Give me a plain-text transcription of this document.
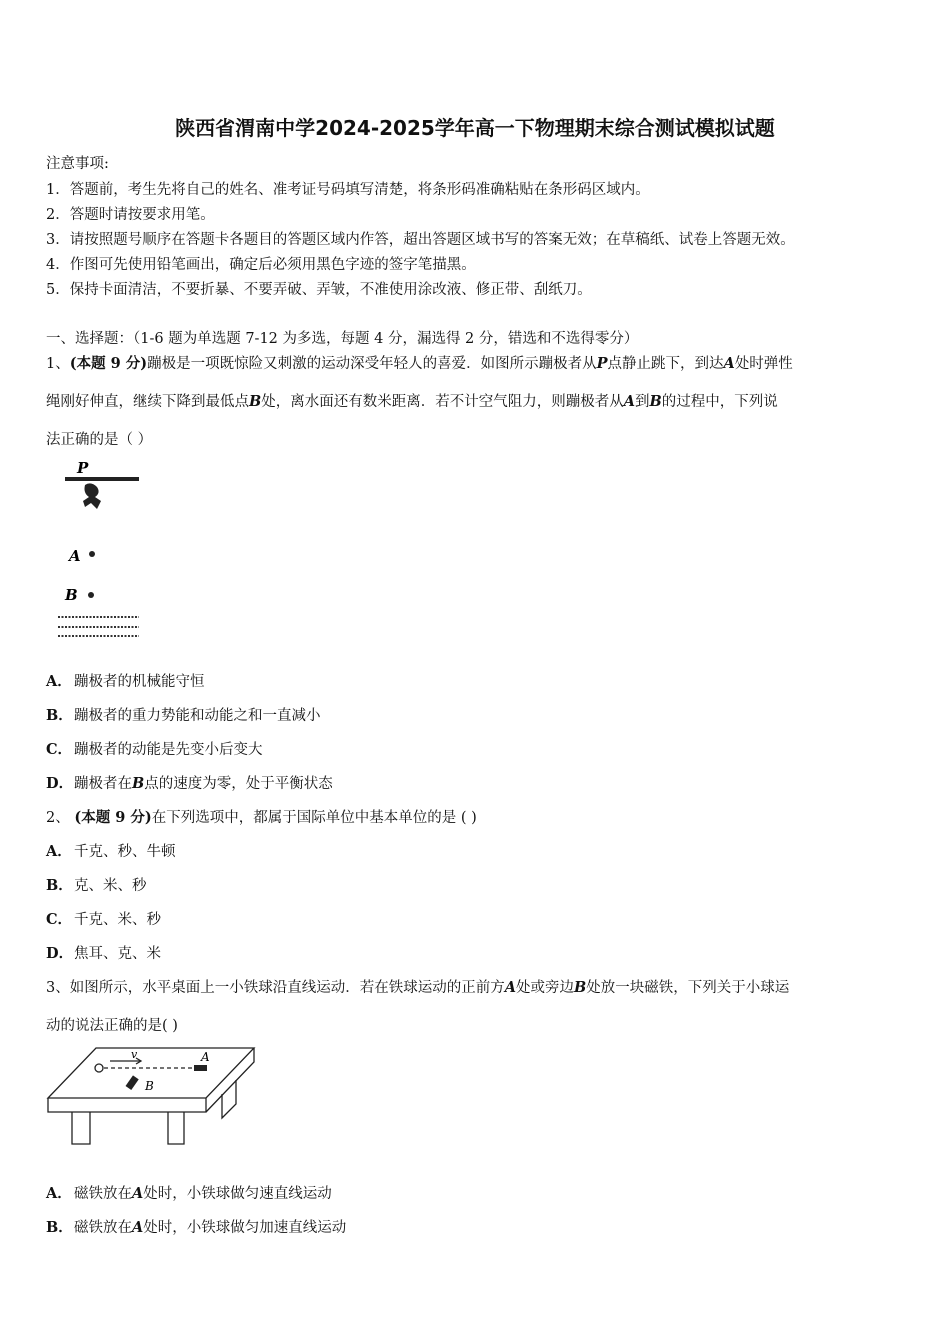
陕西省渭南中学2024-2025学年高一下物理期末综合测试模拟试题
注意事项:
1．答题前，考生先将自己的姓名、准考证号码填写清楚，将条形码准确粘贴在条形码区域内。
2．答题时请按要求用笔。
3．请按照题号顺序在答题卡各题目的答题区域内作答，超出答题区域书写的答案无效；在草稿纸、试卷上答题无效。
4．作图可先使用铅笔画出，确定后必须用黑色字迹的签字笔描黑。
5．保持卡面清洁，不要折暴、不要弄破、弄皱，不准使用涂改液、修正带、刮纸刀。
一、选择题：（1-6 题为单选题 7-12 为多选，每题 4 分，漏选得 2 分，错选和不选得零分）
1、(本题 9 分)蹦极是一项既惊险又刺激的运动深受年轻人的喜爱．如图所示蹦极者从P点静止跳下，到达A处时弹性
绳刚好伸直，继续下降到最低点B处，离水面还有数米距离．若不计空气阻力，则蹦极者从A到B的过程中，下列说
法正确的是（ ）
P
A
B
A． 蹦极者的机械能守恒
B．蹦极者的重力势能和动能之和一直减小
C． 蹦极者的动能是先变小后变大
D．蹦极者在B点的速度为零，处于平衡状态
2、 (本题 9 分)在下列选项中，都属于国际单位中基本单位的是 ( )
A． 千克、秒、牛顿
B．克、米、秒
C． 千克、米、秒
D．焦耳、克、米
3、如图所示，水平桌面上一小铁球沿直线运动．若在铁球运动的正前方A处或旁边B处放一块磁铁，下列关于小球运
动的说法正确的是( )
v	A
B
A． 磁铁放在A处时，小铁球做匀速直线运动
B．磁铁放在A处时，小铁球做匀加速直线运动
